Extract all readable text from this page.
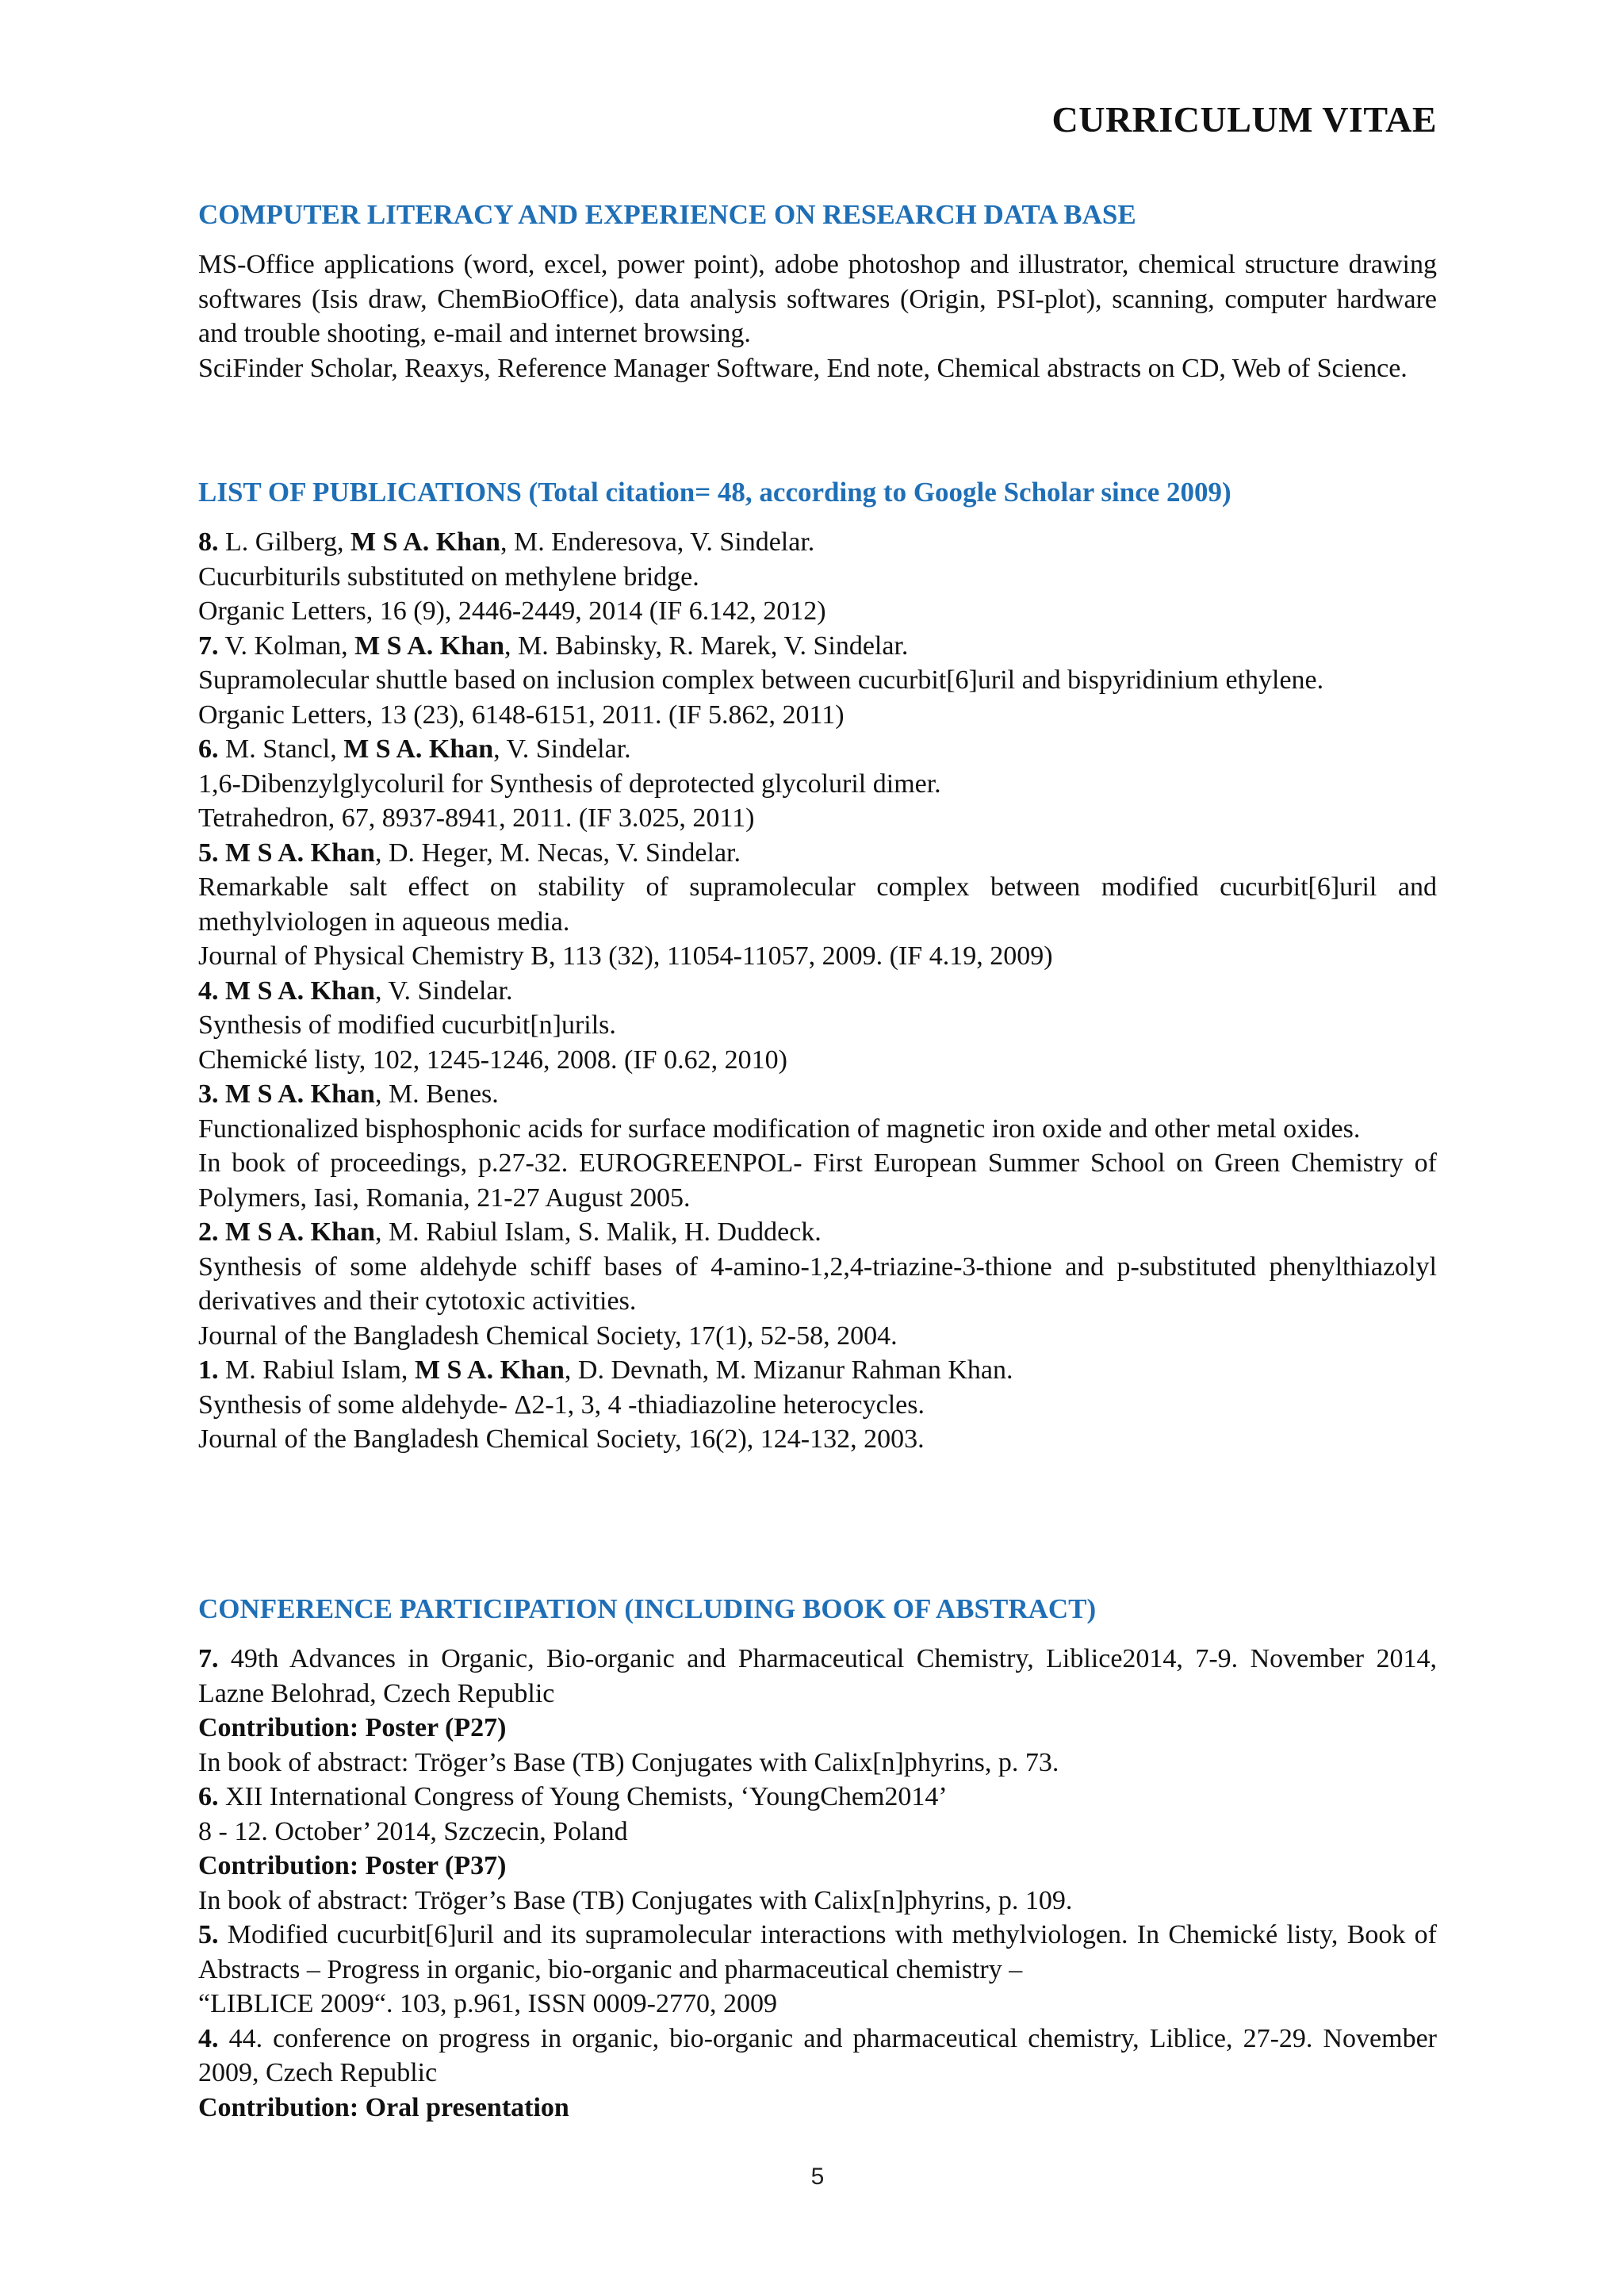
CURRICULUM VITAE
COMPUTER LITERACY AND EXPERIENCE ON RESEARCH DATA BASE

MS-Office applications (word, excel, power point), adobe photoshop and illustrator, chemical structure drawing softwares (Isis draw, ChemBioOffice), data analysis softwares (Origin, PSI-plot), scanning, computer hardware and trouble shooting, e-mail and internet browsing.

SciFinder Scholar, Reaxys, Reference Manager Software, End note, Chemical abstracts on CD, Web of Science.

LIST OF PUBLICATIONS (Total citation= 48, according to Google Scholar since 2009)
8. L. Gilberg, M S A. Khan, M. Enderesova, V. Sindelar.
Cucurbiturils substituted on methylene bridge.
Organic Letters, 16 (9), 2446-2449, 2014 (IF 6.142, 2012)
7. V. Kolman, M S A. Khan, M. Babinsky, R. Marek, V. Sindelar.
Supramolecular shuttle based on inclusion complex between cucurbit[6]uril and bispyridinium ethylene.
Organic Letters, 13 (23), 6148-6151, 2011. (IF 5.862, 2011)
6. M. Stancl, M S A. Khan, V. Sindelar.
1,6-Dibenzylglycoluril for Synthesis of deprotected glycoluril dimer.
Tetrahedron, 67, 8937-8941, 2011. (IF 3.025, 2011)
5. M S A. Khan, D. Heger, M. Necas, V. Sindelar.
Remarkable salt effect on stability of supramolecular complex between modified cucurbit[6]uril and methylviologen in aqueous media.
Journal of Physical Chemistry B, 113 (32), 11054-11057, 2009. (IF 4.19, 2009)
4. M S A. Khan, V. Sindelar.
Synthesis of modified cucurbit[n]urils.
Chemické listy, 102, 1245-1246, 2008. (IF 0.62, 2010)
3. M S A. Khan, M. Benes.
Functionalized bisphosphonic acids for surface modification of magnetic iron oxide and other metal oxides.
In book of proceedings, p.27-32. EUROGREENPOL- First European Summer School on Green Chemistry of Polymers, Iasi, Romania, 21-27 August 2005.
2. M S A. Khan, M. Rabiul Islam, S. Malik, H. Duddeck.
Synthesis of some aldehyde schiff bases of 4-amino-1,2,4-triazine-3-thione and p-substituted phenylthiazolyl derivatives and their cytotoxic activities.
Journal of the Bangladesh Chemical Society, 17(1), 52-58, 2004.
1. M. Rabiul Islam, M S A. Khan, D. Devnath, M. Mizanur Rahman Khan.
Synthesis of some aldehyde- Δ2-1, 3, 4 -thiadiazoline heterocycles.
Journal of the Bangladesh Chemical Society, 16(2), 124-132, 2003.
CONFERENCE PARTICIPATION (INCLUDING BOOK OF ABSTRACT)
7. 49th Advances in Organic, Bio-organic and Pharmaceutical Chemistry, Liblice2014, 7-9. November 2014, Lazne Belohrad, Czech Republic
Contribution: Poster (P27)
In book of abstract: Tröger’s Base (TB) Conjugates with Calix[n]phyrins, p. 73.
6. XII International Congress of Young Chemists, ‘YoungChem2014’
8 - 12. October’ 2014, Szczecin, Poland
Contribution: Poster (P37)
In book of abstract: Tröger’s Base (TB) Conjugates with Calix[n]phyrins, p. 109.
5. Modified cucurbit[6]uril and its supramolecular interactions with methylviologen. In Chemické listy, Book of Abstracts – Progress in organic, bio-organic and pharmaceutical chemistry –
“LIBLICE 2009“. 103, p.961, ISSN 0009-2770, 2009
4. 44. conference on progress in organic, bio-organic and pharmaceutical chemistry, Liblice, 27-29. November 2009, Czech Republic
Contribution: Oral presentation
5
